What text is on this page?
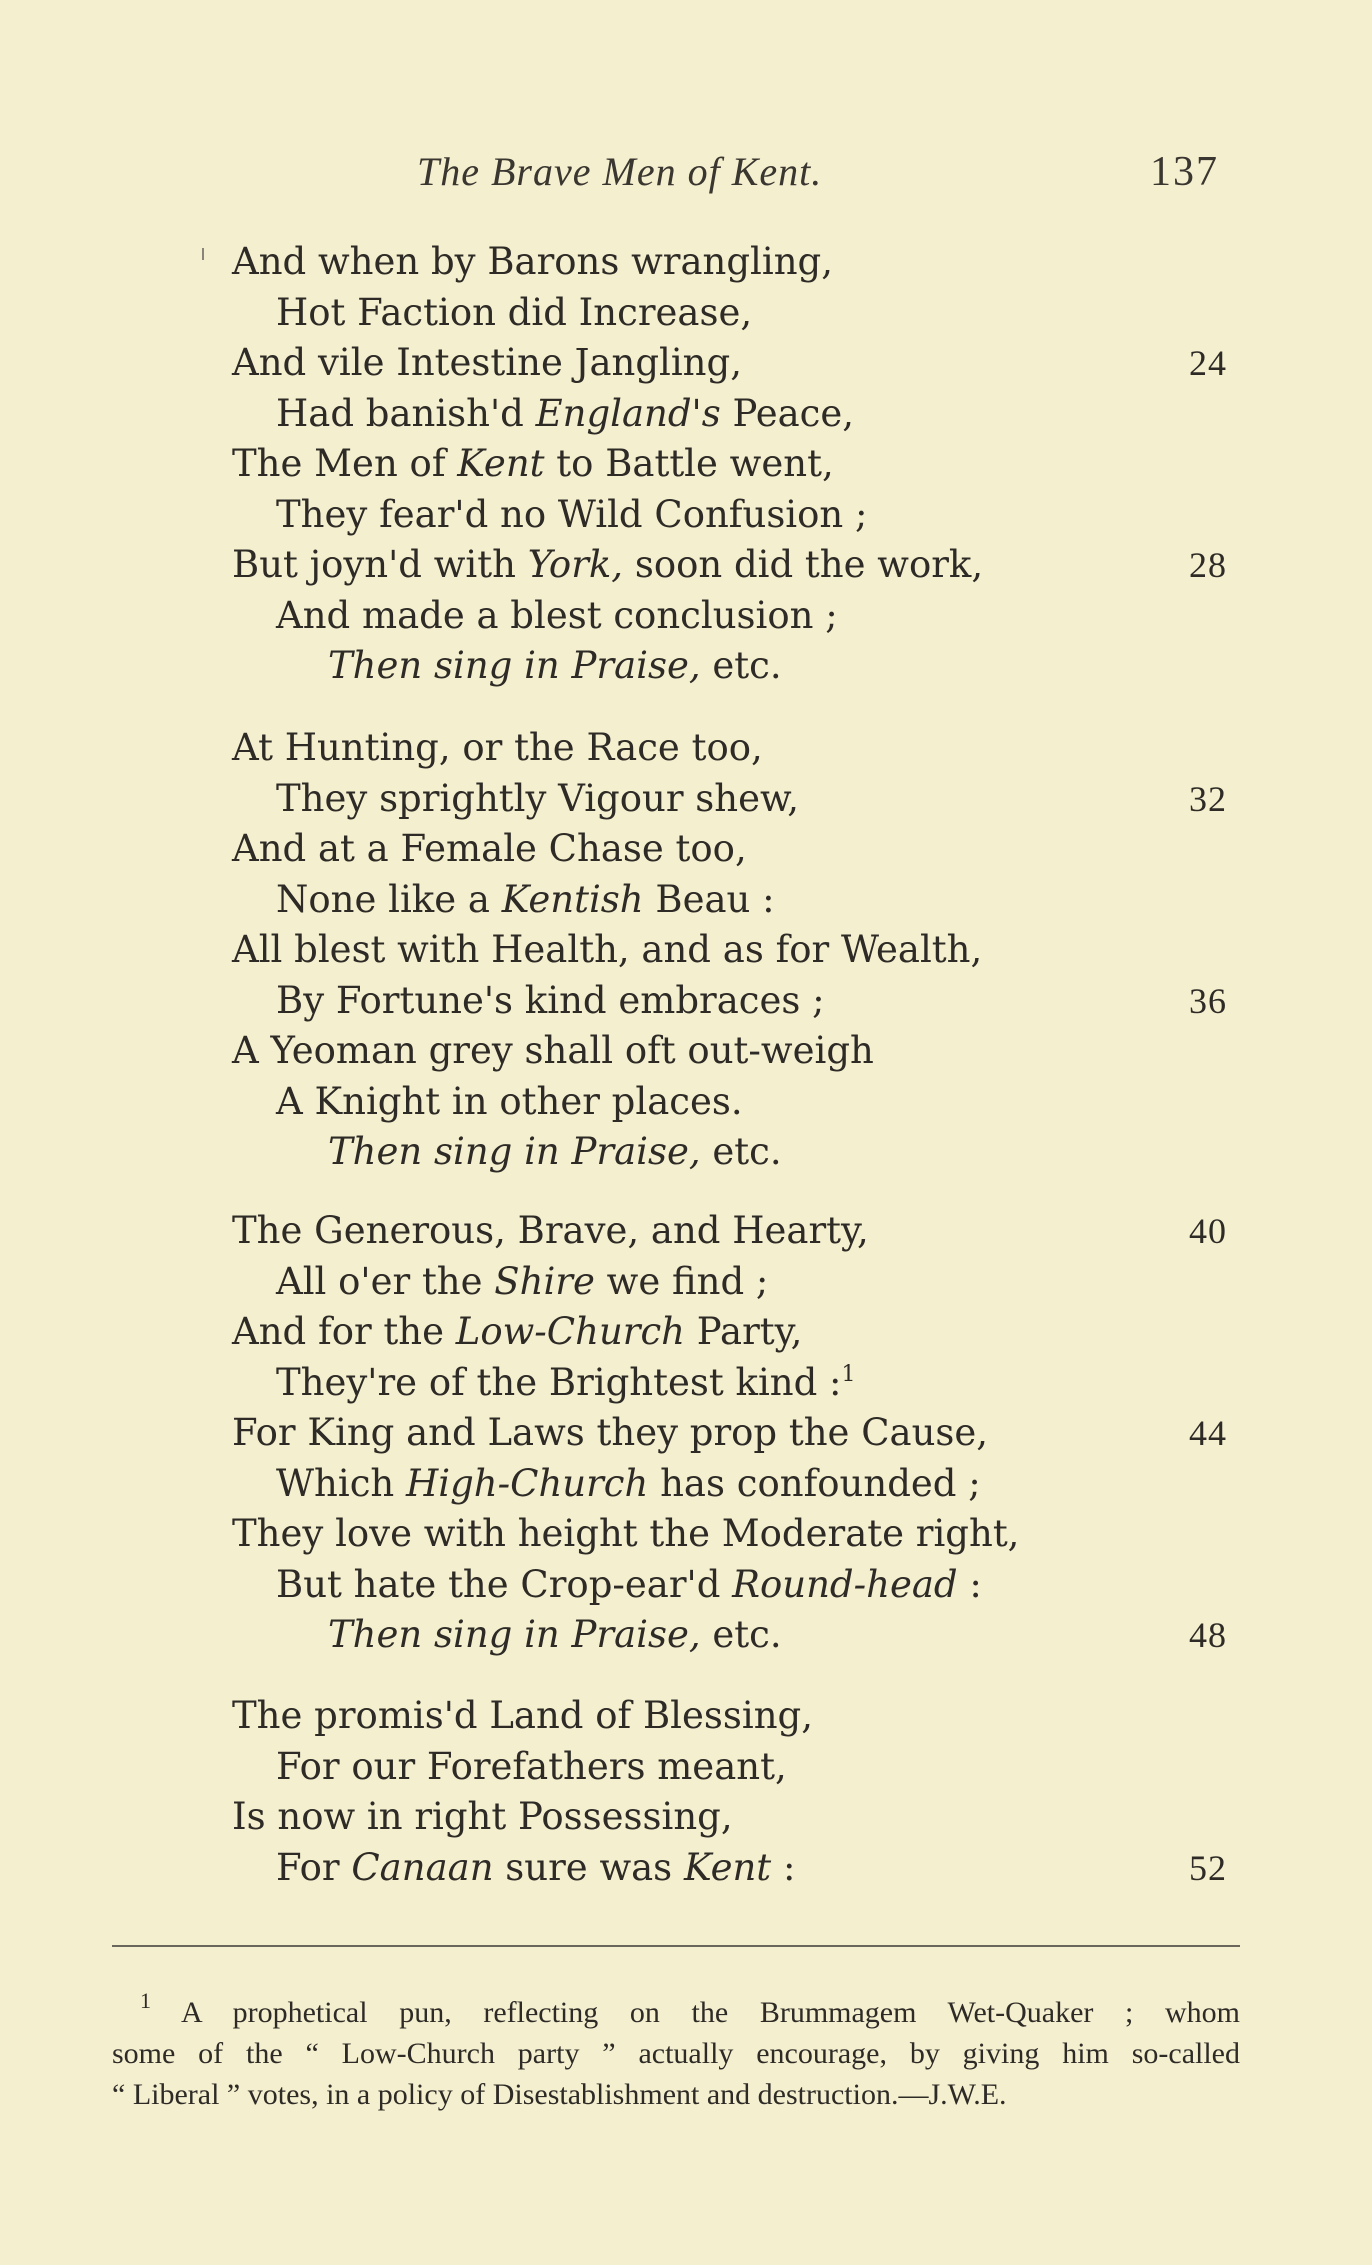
The Brave Men of Kent.	137
And when by Barons wrangling,
Hot Faction did Increase,
And vile Intestine Jangling,	24
Had banish'd England's Peace,
The Men of Kent to Battle went,
They fear'd no Wild Confusion ;
But joyn'd with York, soon did the work,	28
And made a blest conclusion ;
Then sing in Praise, etc.
At Hunting, or the Race too,
They sprightly Vigour shew,	32
And at a Female Chase too,
None like a Kentish Beau :
All blest with Health, and as for Wealth,
By Fortune's kind embraces ;	36
A Yeoman grey shall oft out-weigh
A Knight in other places.
Then sing in Praise, etc.
The Generous, Brave, and Hearty,	40
All o'er the Shire we find ;
And for the Low-Church Party,
They're of the Brightest kind :$^1$
For King and Laws they prop the Cause,	44
Which High-Church has confounded ;
They love with height the Moderate right,
But hate the Crop-ear'd Round-head :
Then sing in Praise, etc.	48
The promis'd Land of Blessing,
For our Forefathers meant,
Is now in right Possessing,
For Canaan sure was Kent :	52
$^1$ A prophetical pun, reflecting on the Brummagem Wet-Quaker ; whom
some of the “ Low-Church party ” actually encourage, by giving him so-called
“ Liberal ” votes, in a policy of Disestablishment and destruction.—J.W.E.
